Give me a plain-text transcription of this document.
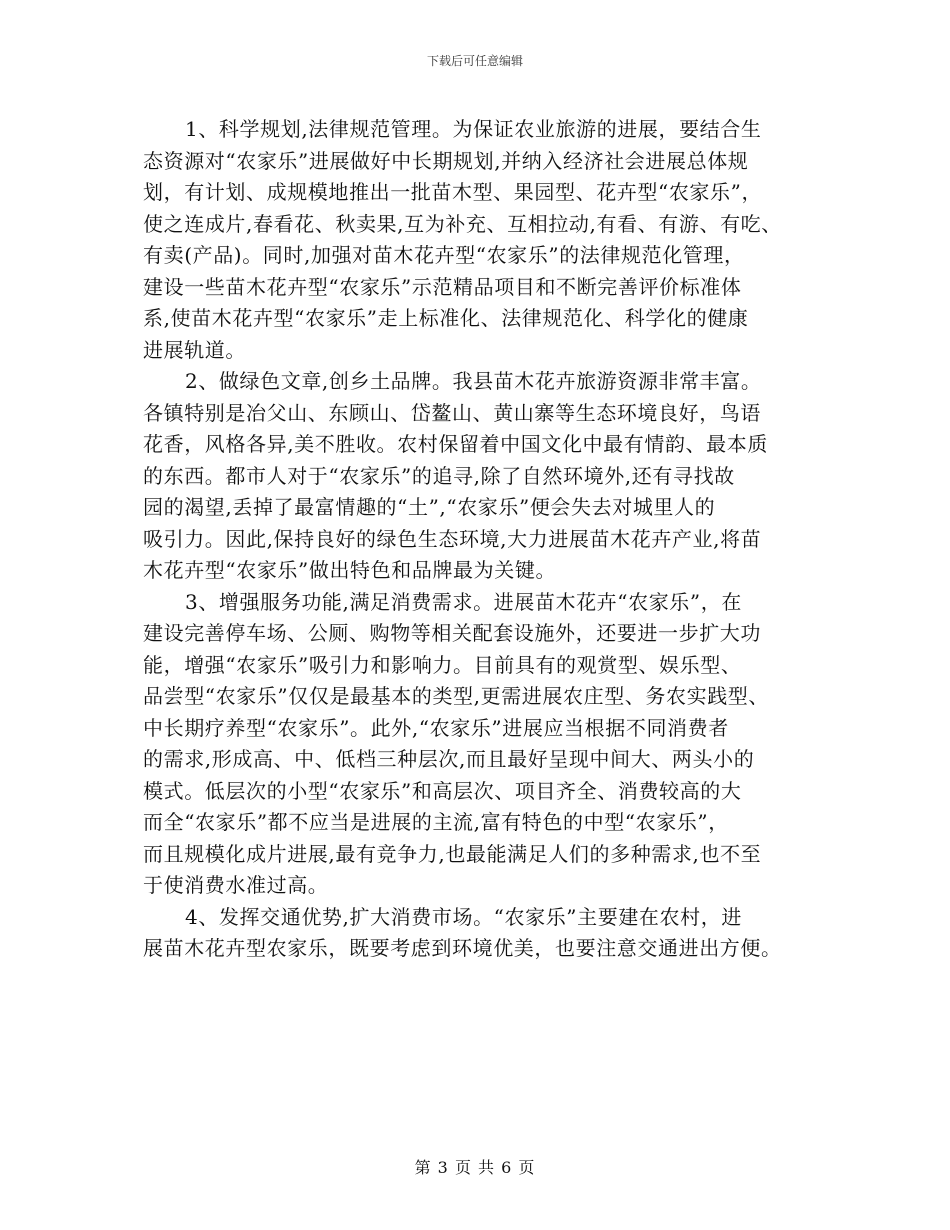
下载后可任意编辑

1、科学规划,法律规范管理。为保证农业旅游的进展，要结合生
态资源对“农家乐”进展做好中长期规划,并纳入经济社会进展总体规
划，有计划、成规模地推出一批苗木型、果园型、花卉型“农家乐”，
使之连成片,春看花、秋卖果,互为补充、互相拉动,有看、有游、有吃、
有卖(产品)。同时,加强对苗木花卉型“农家乐”的法律规范化管理，
建设一些苗木花卉型“农家乐”示范精品项目和不断完善评价标准体
系,使苗木花卉型“农家乐”走上标准化、法律规范化、科学化的健康
进展轨道。

2、做绿色文章,创乡土品牌。我县苗木花卉旅游资源非常丰富。
各镇特别是冶父山、东顾山、岱鳌山、黄山寨等生态环境良好，鸟语
花香，风格各异,美不胜收。农村保留着中国文化中最有情韵、最本质
的东西。都市人对于“农家乐”的追寻,除了自然环境外,还有寻找故
园的渴望,丢掉了最富情趣的“土”,“农家乐”便会失去对城里人的
吸引力。因此,保持良好的绿色生态环境,大力进展苗木花卉产业,将苗
木花卉型“农家乐”做出特色和品牌最为关键。

3、增强服务功能,满足消费需求。进展苗木花卉“农家乐”，在
建设完善停车场、公厕、购物等相关配套设施外，还要进一步扩大功
能，增强“农家乐”吸引力和影响力。目前具有的观赏型、娱乐型、
品尝型“农家乐”仅仅是最基本的类型,更需进展农庄型、务农实践型、
中长期疗养型“农家乐”。此外,“农家乐”进展应当根据不同消费者
的需求,形成高、中、低档三种层次,而且最好呈现中间大、两头小的
模式。低层次的小型“农家乐”和高层次、项目齐全、消费较高的大
而全“农家乐”都不应当是进展的主流,富有特色的中型“农家乐”，
而且规模化成片进展,最有竞争力,也最能满足人们的多种需求,也不至
于使消费水准过高。

4、发挥交通优势,扩大消费市场。“农家乐”主要建在农村，进
展苗木花卉型农家乐，既要考虑到环境优美，也要注意交通进出方便。

第 3 页 共 6 页
